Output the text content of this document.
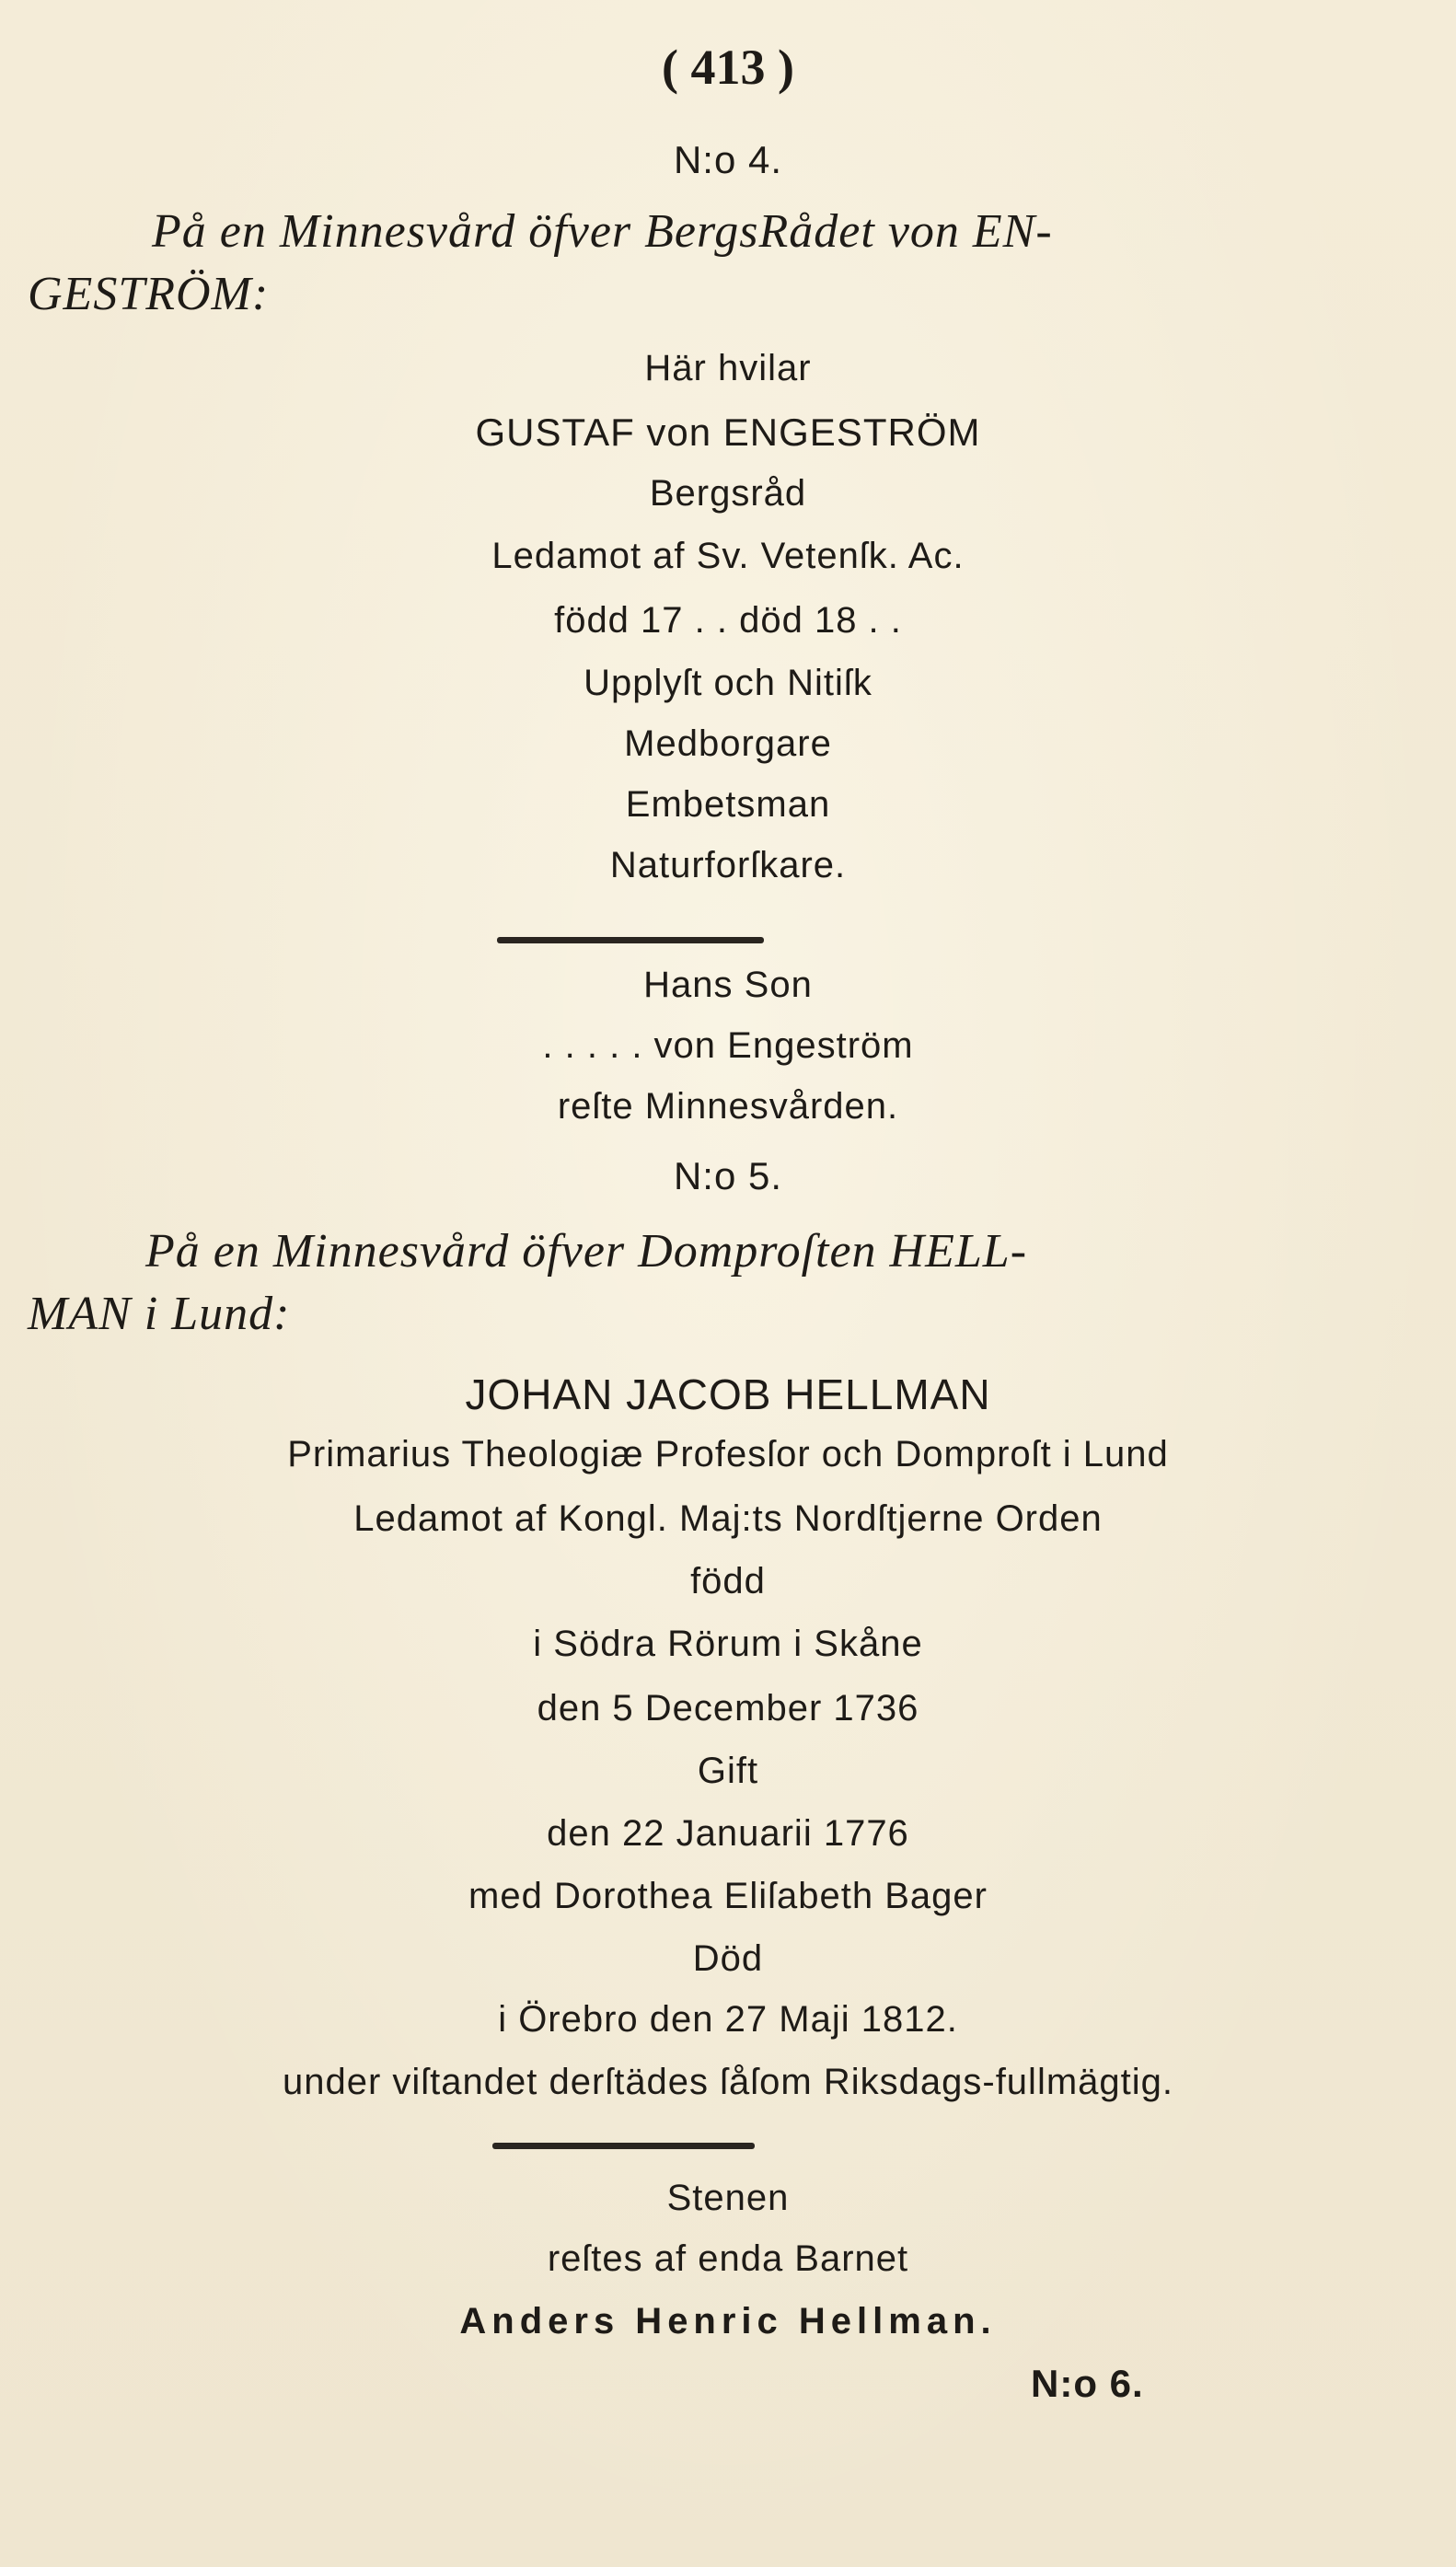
( 413 )
N:o 4.
På en Minnesvård öfver BergsRådet von EN-
GESTRÖM:
Här hvilar
GUSTAF von ENGESTRÖM
Bergsråd
Ledamot af Sv. Vetenſk. Ac.
född 17 . . död 18 . .
Upplyſt och Nitiſk
Medborgare
Embetsman
Naturforſkare.
Hans Son
. . . . . von Engeström
reſte Minnesvården.
N:o 5.
På en Minnesvård öfver Domproſten HELL-
MAN i Lund:
JOHAN JACOB HELLMAN
Primarius Theologiæ Profesſor och Domproſt i Lund
Ledamot af Kongl. Maj:ts Nordſtjerne Orden
född
i Södra Rörum i Skåne
den 5 December 1736
Gift
den 22 Januarii 1776
med Dorothea Eliſabeth Bager
Död
i Örebro den 27 Maji 1812.
under viſtandet derſtädes ſåſom Riksdags-fullmägtig.
Stenen
reſtes af enda Barnet
Anders Henric Hellman.
N:o 6.
